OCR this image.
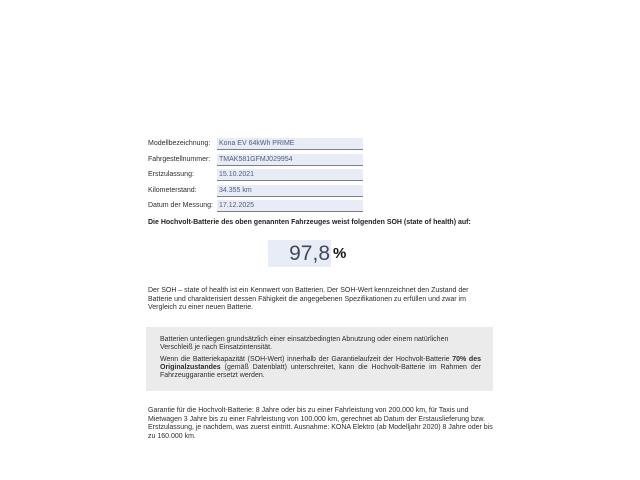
Modellbezeichnung:	Kona EV 64kWh PRIME
Fahrgestellnummer:	TMAK581GFMJ029954
Erstzulassung:	15.10.2021
Kilometerstand:	34.355 km
Datum der Messung: 17.12.2025
Die Hochvolt-Batterie des oben genannten Fahrzeuges weist folgenden SOH (state of health) auf:
97,8 %
Der SOH – state of health ist ein Kennwert von Batterien. Der SOH-Wert kennzeichnet den Zustand der Batterie und charakterisiert dessen Fähigkeit die angegebenen Spezifikationen zu erfüllen und zwar im Vergleich zu einer neuen Batterie.

Batterien unterliegen grundsätzlich einer einsatzbedingten Abnutzung oder einem natürlichen Verschleiß je nach Einsatzintensität.

Wenn die Batteriekapazität (SOH-Wert) innerhalb der Garantielaufzeit der Hochvolt-Batterie 70% des Originalzustandes (gemäß Datenblatt) unterschreitet, kann die Hochvolt-Batterie im Rahmen der Fahrzeuggarantie ersetzt werden.

Garantie für die Hochvolt-Batterie: 8 Jahre oder bis zu einer Fahrleistung von 200.000 km, für Taxis und Mietwagen 3 Jahre bis zu einer Fahrleistung von 100.000 km, gerechnet ab Datum der Erstauslieferung bzw. Erstzulassung, je nachdem, was zuerst eintritt. Ausnahme: KONA Elektro (ab Modelljahr 2020) 8 Jahre oder bis zu 160.000 km.
